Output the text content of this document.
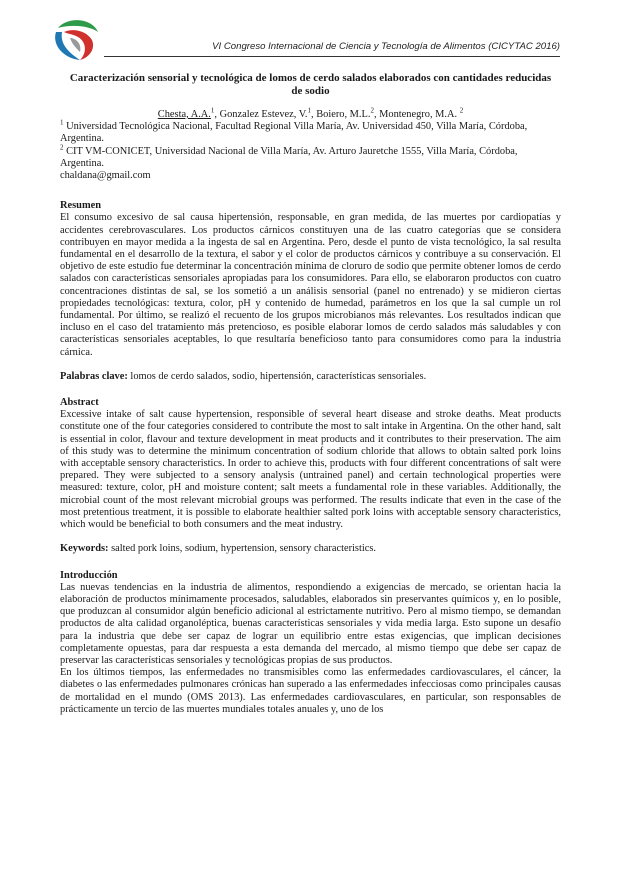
VI Congreso Internacional de Ciencia y Tecnología de Alimentos (CICYTAC 2016)

Caracterización sensorial y tecnológica de lomos de cerdo salados elaborados con cantidades reducidas de sodio

Chesta, A.A.$^1$, Gonzalez Estevez, V.$^1$, Boiero, M.L.$^2$, Montenegro, M.A. $^2$

$^1$ Universidad Tecnológica Nacional, Facultad Regional Villa María, Av. Universidad 450, Villa María, Córdoba, Argentina.

$^2$ CIT VM-CONICET, Universidad Nacional de Villa María, Av. Arturo Jauretche 1555, Villa María, Córdoba, Argentina.

chaldana@gmail.com

Resumen

El consumo excesivo de sal causa hipertensión, responsable, en gran medida, de las muertes por cardiopatías y accidentes cerebrovasculares. Los productos cárnicos constituyen una de las cuatro categorías que se considera contribuyen en mayor medida a la ingesta de sal en Argentina. Pero, desde el punto de vista tecnológico, la sal resulta fundamental en el desarrollo de la textura, el sabor y el color de productos cárnicos y contribuye a su conservación. El objetivo de este estudio fue determinar la concentración mínima de cloruro de sodio que permite obtener lomos de cerdo salados con características sensoriales apropiadas para los consumidores. Para ello, se elaboraron productos con cuatro concentraciones distintas de sal, se los sometió a un análisis sensorial (panel no entrenado) y se midieron ciertas propiedades tecnológicas: textura, color, pH y contenido de humedad, parámetros en los que la sal cumple un rol fundamental. Por último, se realizó el recuento de los grupos microbianos más relevantes. Los resultados indican que incluso en el caso del tratamiento más pretencioso, es posible elaborar lomos de cerdo salados más saludables y con características sensoriales aceptables, lo que resultaría beneficioso tanto para consumidores como para la industria cárnica.

Palabras clave: lomos de cerdo salados, sodio, hipertensión, características sensoriales.

Abstract

Excessive intake of salt cause hypertension, responsible of several heart disease and stroke deaths. Meat products constitute one of the four categories considered to contribute the most to salt intake in Argentina. On the other hand, salt is essential in color, flavour and texture development in meat products and it contributes to their preservation. The aim of this study was to determine the minimum concentration of sodium chloride that allows to obtain salted pork loins with acceptable sensory characteristics. In order to achieve this, products with four different concentrations of salt were prepared. They were subjected to a sensory analysis (untrained panel) and certain technological properties were measured: texture, color, pH and moisture content; salt meets a fundamental role in these variables. Additionally, the microbial count of the most relevant microbial groups was performed. The results indicate that even in the case of the most pretentious treatment, it is possible to elaborate healthier salted pork loins with acceptable sensory characteristics, which would be beneficial to both consumers and the meat industry.

Keywords: salted pork loins, sodium, hypertension, sensory characteristics.

Introducción

Las nuevas tendencias en la industria de alimentos, respondiendo a exigencias de mercado, se orientan hacia la elaboración de productos mínimamente procesados, saludables, elaborados sin preservantes químicos y, en lo posible, que produzcan al consumidor algún beneficio adicional al estrictamente nutritivo. Pero al mismo tiempo, se demandan productos de alta calidad organoléptica, buenas características sensoriales y vida media larga. Esto supone un desafío para la industria que debe ser capaz de lograr un equilibrio entre estas exigencias, que implican decisiones completamente opuestas, para dar respuesta a esta demanda del mercado, al mismo tiempo que debe ser capaz de preservar las características sensoriales y tecnológicas propias de sus productos.

En los últimos tiempos, las enfermedades no transmisibles como las enfermedades cardiovasculares, el cáncer, la diabetes o las enfermedades pulmonares crónicas han superado a las enfermedades infecciosas como principales causas de mortalidad en el mundo (OMS 2013). Las enfermedades cardiovasculares, en particular, son responsables de prácticamente un tercio de las muertes mundiales totales anuales y, uno de los
